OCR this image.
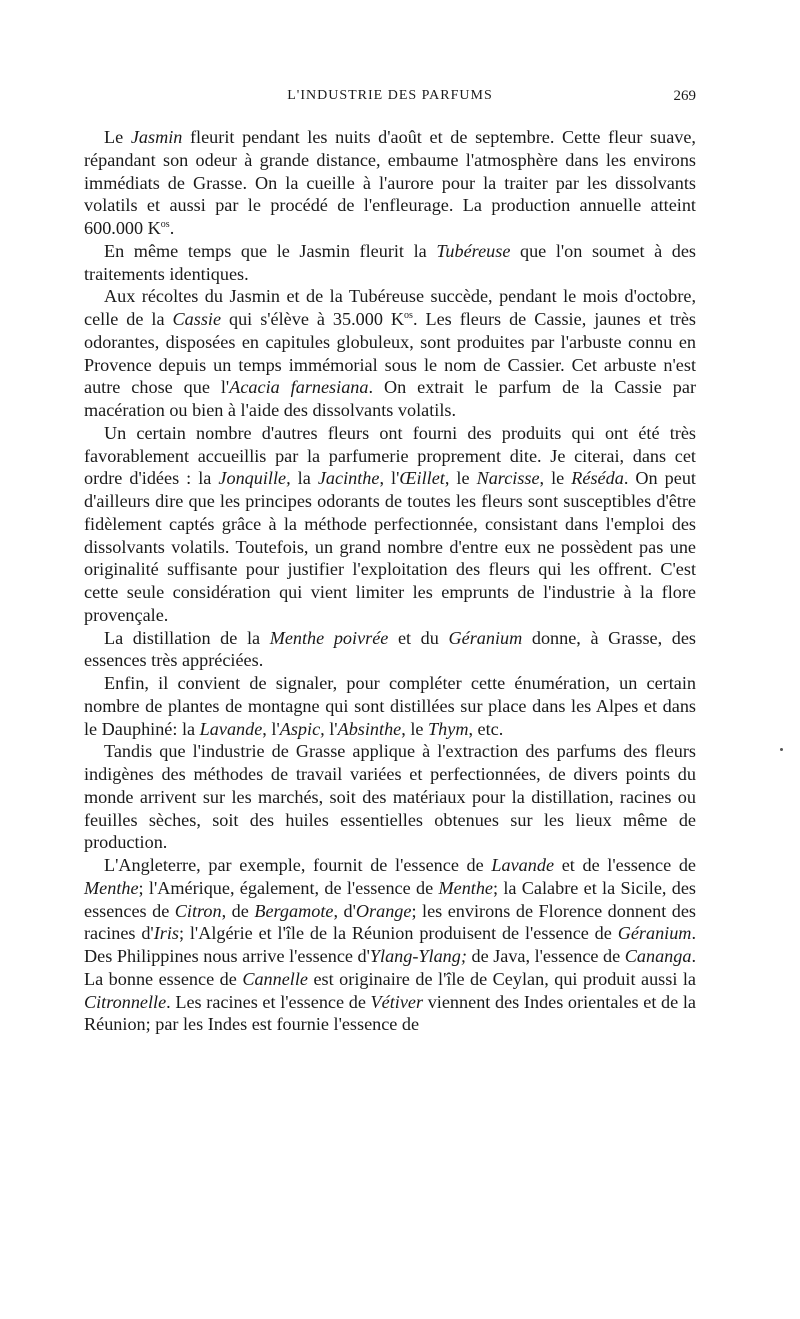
L'INDUSTRIE DES PARFUMS	269

Le Jasmin fleurit pendant les nuits d'août et de septembre. Cette fleur suave, répandant son odeur à grande distance, embaume l'atmosphère dans les environs immédiats de Grasse. On la cueille à l'aurore pour la traiter par les dissolvants volatils et aussi par le procédé de l'enfleurage. La production annuelle atteint 600.000 $K^{os}$.

En même temps que le Jasmin fleurit la Tubéreuse que l'on soumet à des traitements identiques.

Aux récoltes du Jasmin et de la Tubéreuse succède, pendant le mois d'octobre, celle de la Cassie qui s'élève à 35.000 $K^{os}$. Les fleurs de Cassie, jaunes et très odorantes, disposées en capitules globuleux, sont produites par l'arbuste connu en Provence depuis un temps immémorial sous le nom de Cassier. Cet arbuste n'est autre chose que l'Acacia farnesiana. On extrait le parfum de la Cassie par macération ou bien à l'aide des dissolvants volatils.

Un certain nombre d'autres fleurs ont fourni des produits qui ont été très favorablement accueillis par la parfumerie proprement dite. Je citerai, dans cet ordre d'idées : la Jonquille, la Jacinthe, l'Œillet, le Narcisse, le Réséda. On peut d'ailleurs dire que les principes odorants de toutes les fleurs sont susceptibles d'être fidèlement captés grâce à la méthode perfectionnée, consistant dans l'emploi des dissolvants volatils. Toutefois, un grand nombre d'entre eux ne possèdent pas une originalité suffisante pour justifier l'exploitation des fleurs qui les offrent. C'est cette seule considération qui vient limiter les emprunts de l'industrie à la flore provençale.

La distillation de la Menthe poivrée et du Géranium donne, à Grasse, des essences très appréciées.

Enfin, il convient de signaler, pour compléter cette énumération, un certain nombre de plantes de montagne qui sont distillées sur place dans les Alpes et dans le Dauphiné: la Lavande, l'Aspic, l'Absinthe, le Thym, etc.

Tandis que l'industrie de Grasse applique à l'extraction des parfums des fleurs indigènes des méthodes de travail variées et perfectionnées, de divers points du monde arrivent sur les marchés, soit des matériaux pour la distillation, racines ou feuilles sèches, soit des huiles essentielles obtenues sur les lieux même de production.

L'Angleterre, par exemple, fournit de l'essence de Lavande et de l'essence de Menthe; l'Amérique, également, de l'essence de Menthe; la Calabre et la Sicile, des essences de Citron, de Bergamote, d'Orange; les environs de Florence donnent des racines d'Iris; l'Algérie et l'île de la Réunion produisent de l'essence de Géranium. Des Philippines nous arrive l'essence d'Ylang-Ylang; de Java, l'essence de Cananga. La bonne essence de Cannelle est originaire de l'île de Ceylan, qui produit aussi la Citronnelle. Les racines et l'essence de Vétiver viennent des Indes orientales et de la Réunion; par les Indes est fournie l'essence de
